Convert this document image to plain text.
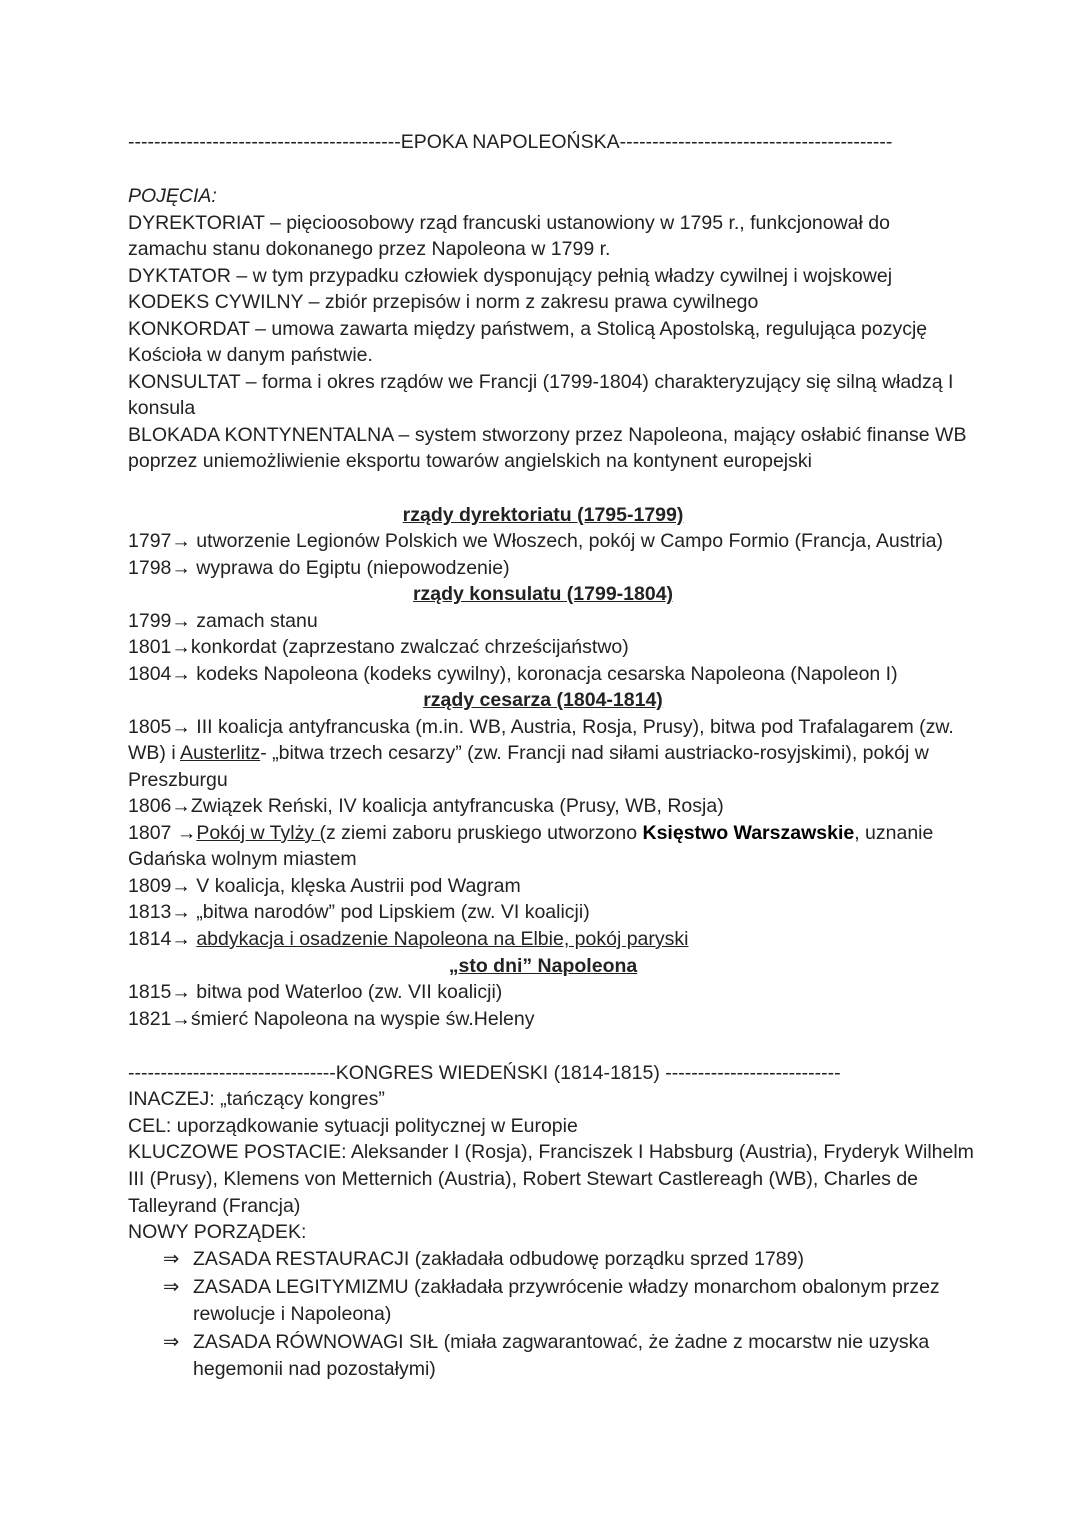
------------------------------------------EPOKA NAPOLEOŃSKA------------------------------------------
POJĘCIA:
DYREKTORIAT – pięcioosobowy rząd francuski ustanowiony w 1795 r., funkcjonował do
zamachu stanu dokonanego przez Napoleona w 1799 r.
DYKTATOR – w tym przypadku człowiek dysponujący pełnią władzy cywilnej i wojskowej
KODEKS CYWILNY – zbiór przepisów i norm z zakresu prawa cywilnego
KONKORDAT – umowa zawarta między państwem, a Stolicą Apostolską, regulująca pozycję
Kościoła w danym państwie.
KONSULTAT – forma i okres rządów we Francji (1799-1804) charakteryzujący się silną władzą I
konsula
BLOKADA KONTYNENTALNA – system stworzony przez Napoleona, mający osłabić finanse WB
poprzez uniemożliwienie eksportu towarów angielskich na kontynent europejski
rządy dyrektoriatu (1795-1799)
1797→ utworzenie Legionów Polskich we Włoszech, pokój w Campo Formio (Francja, Austria)
1798→ wyprawa do Egiptu (niepowodzenie)
rządy konsulatu (1799-1804)
1799→ zamach stanu
1801→konkordat (zaprzestano zwalczać chrześcijaństwo)
1804→ kodeks Napoleona (kodeks cywilny), koronacja cesarska Napoleona (Napoleon I)
rządy cesarza (1804-1814)
1805→ III koalicja antyfrancuska (m.in. WB, Austria, Rosja, Prusy), bitwa pod Trafalagarem (zw.
WB) i Austerlitz- „bitwa trzech cesarzy” (zw. Francji nad siłami austriacko-rosyjskimi), pokój w
Preszburgu
1806→Związek Reński, IV koalicja antyfrancuska (Prusy, WB, Rosja)
1807 →Pokój w Tylży (z ziemi zaboru pruskiego utworzono Księstwo Warszawskie, uznanie
Gdańska wolnym miastem
1809→ V koalicja, klęska Austrii pod Wagram
1813→ „bitwa narodów” pod Lipskiem (zw. VI koalicji)
1814→ abdykacja i osadzenie Napoleona na Elbie, pokój paryski
„sto dni” Napoleona
1815→ bitwa pod Waterloo (zw. VII koalicji)
1821→śmierć Napoleona na wyspie św.Heleny
--------------------------------KONGRES WIEDEŃSKI (1814-1815) ---------------------------
INACZEJ: „tańczący kongres”
CEL: uporządkowanie sytuacji politycznej w Europie
KLUCZOWE POSTACIE: Aleksander I (Rosja), Franciszek I Habsburg (Austria), Fryderyk Wilhelm
III (Prusy), Klemens von Metternich (Austria), Robert Stewart Castlereagh (WB), Charles de
Talleyrand (Francja)
NOWY PORZĄDEK:
⇒ ZASADA RESTAURACJI (zakładała odbudowę porządku sprzed 1789)
⇒ ZASADA LEGITYMIZMU (zakładała przywrócenie władzy monarchom obalonym przez
rewolucje i Napoleona)
⇒ ZASADA RÓWNOWAGI SIŁ (miała zagwarantować, że żadne z mocarstw nie uzyska
hegemonii nad pozostałymi)
